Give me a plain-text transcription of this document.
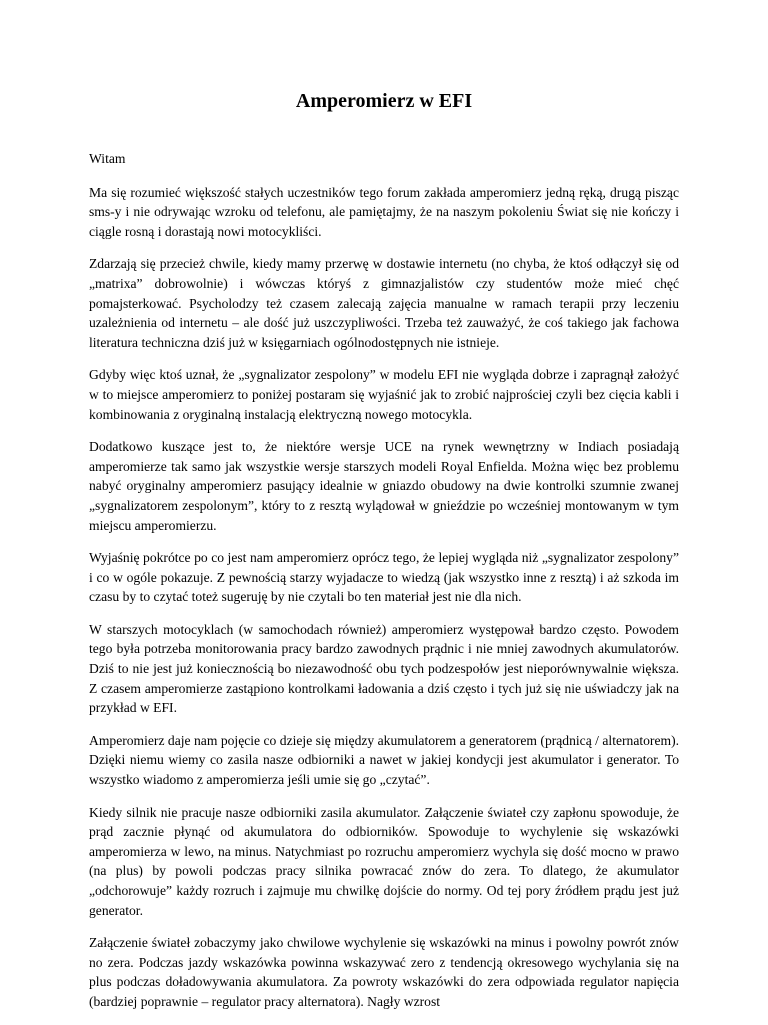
Amperomierz w EFI

Witam

Ma się rozumieć większość stałych uczestników tego forum zakłada amperomierz jedną ręką, drugą pisząc sms-y i nie odrywając wzroku od telefonu, ale pamiętajmy, że na naszym pokoleniu Świat się nie kończy i ciągle rosną i dorastają nowi motocykliści.

Zdarzają się przecież chwile, kiedy mamy przerwę w dostawie internetu (no chyba, że ktoś odłączył się od „matrixa” dobrowolnie) i wówczas któryś z gimnazjalistów czy studentów może mieć chęć pomajsterkować. Psycholodzy też czasem zalecają zajęcia manualne w ramach terapii przy leczeniu uzależnienia od internetu – ale dość już uszczypliwości. Trzeba też zauważyć, że coś takiego jak fachowa literatura techniczna dziś już w księgarniach ogólnodostępnych nie istnieje.

Gdyby więc ktoś uznał, że „sygnalizator zespolony” w modelu EFI nie wygląda dobrze i zapragnął założyć w to miejsce amperomierz to poniżej postaram się wyjaśnić jak to zrobić najprościej czyli bez cięcia kabli i kombinowania z oryginalną instalacją elektryczną nowego motocykla.

Dodatkowo kuszące jest to, że niektóre wersje UCE na rynek wewnętrzny w Indiach posiadają amperomierze tak samo jak wszystkie wersje starszych modeli Royal Enfielda. Można więc bez problemu nabyć oryginalny amperomierz pasujący idealnie w gniazdo obudowy na dwie kontrolki szumnie zwanej „sygnalizatorem zespolonym”, który to z resztą wylądował w gnieździe po wcześniej montowanym w tym miejscu amperomierzu.

Wyjaśnię pokrótce po co jest nam amperomierz oprócz tego, że lepiej wygląda niż „sygnalizator zespolony” i co w ogóle pokazuje. Z pewnością starzy wyjadacze to wiedzą (jak wszystko inne z resztą) i aż szkoda im czasu by to czytać toteż sugeruję by nie czytali bo ten materiał jest nie dla nich.

W starszych motocyklach (w samochodach również) amperomierz występował bardzo często. Powodem tego była potrzeba monitorowania pracy bardzo zawodnych prądnic i nie mniej zawodnych akumulatorów. Dziś to nie jest już koniecznością bo niezawodność obu tych podzespołów jest nieporównywalnie większa. Z czasem amperomierze zastąpiono kontrolkami ładowania a dziś często i tych już się nie uświadczy jak na przykład w EFI.

Amperomierz daje nam pojęcie co dzieje się między akumulatorem a generatorem (prądnicą / alternatorem). Dzięki niemu wiemy co zasila nasze odbiorniki a nawet w jakiej kondycji jest akumulator i generator. To wszystko wiadomo z amperomierza jeśli umie się go „czytać”.

Kiedy silnik nie pracuje nasze odbiorniki zasila akumulator. Załączenie świateł czy zapłonu spowoduje, że prąd zacznie płynąć od akumulatora do odbiorników. Spowoduje to wychylenie się wskazówki amperomierza w lewo, na minus. Natychmiast po rozruchu amperomierz wychyla się dość mocno w prawo (na plus) by powoli podczas pracy silnika powracać znów do zera. To dlatego, że akumulator „odchorowuje” każdy rozruch i zajmuje mu chwilkę dojście do normy. Od tej pory źródłem prądu jest już generator.

Załączenie świateł zobaczymy jako chwilowe wychylenie się wskazówki na minus i powolny powrót znów no zera. Podczas jazdy wskazówka powinna wskazywać zero z tendencją okresowego wychylania się na plus podczas doładowywania akumulatora. Za powroty wskazówki do zera odpowiada regulator napięcia (bardziej poprawnie – regulator pracy alternatora). Nagły wzrost
